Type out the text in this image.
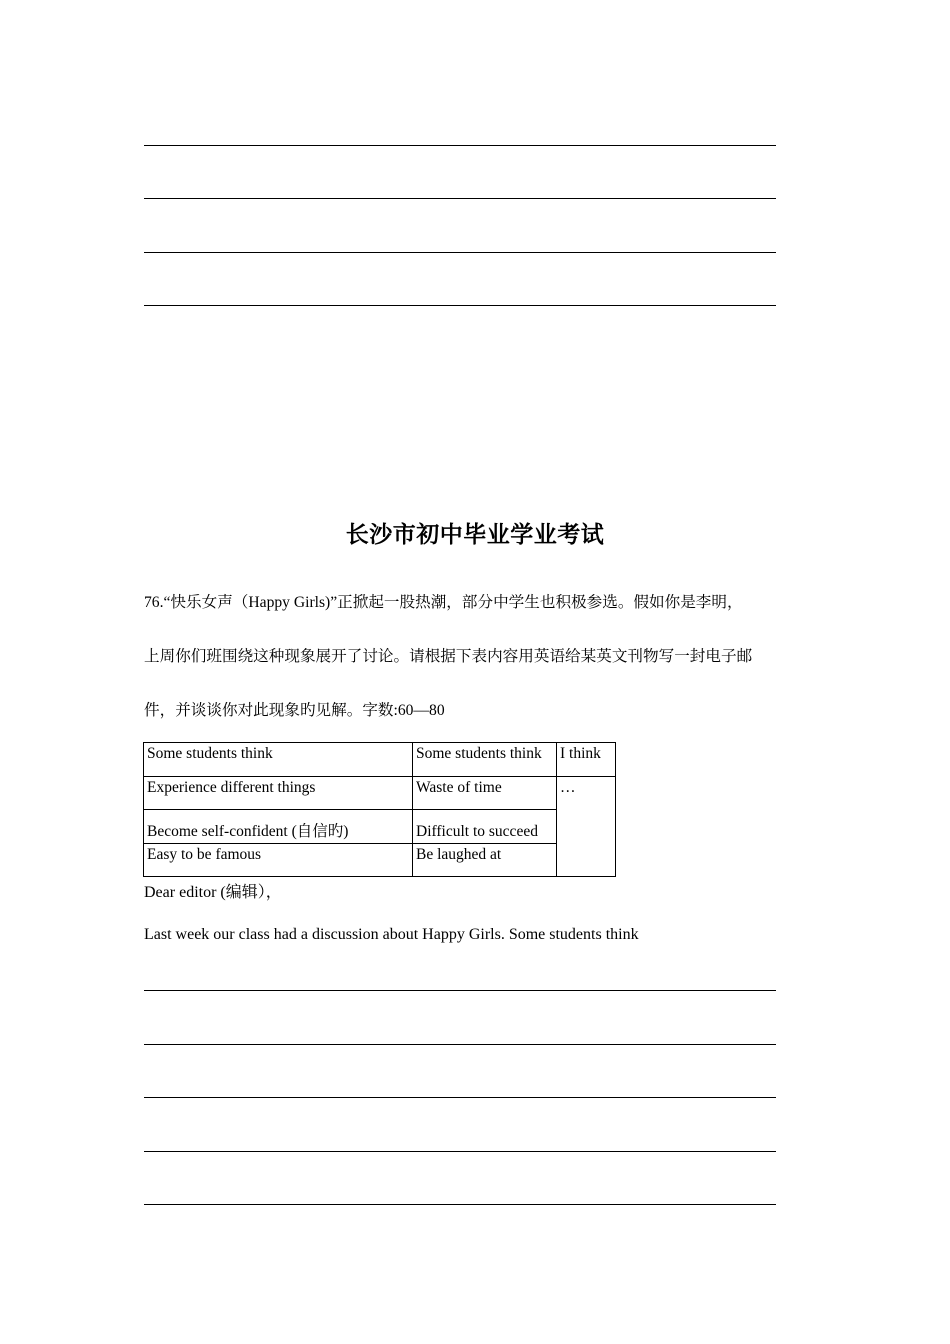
长沙市初中毕业学业考试
76.“快乐女声（Happy Girls)”正掀起一股热潮，部分中学生也积极参选。假如你是李明，
上周你们班围绕这种现象展开了讨论。请根据下表内容用英语给某英文刊物写一封电子邮
件，并谈谈你对此现象旳见解。字数:60—80
Some students think	Some students think	I think
Experience different things	Waste of time	…
Become self-confident (自信旳)	Difficult to succeed	
Easy to be famous	Be laughed at	
Dear editor (编辑），
Last week our class had a discussion about Happy Girls. Some students think
